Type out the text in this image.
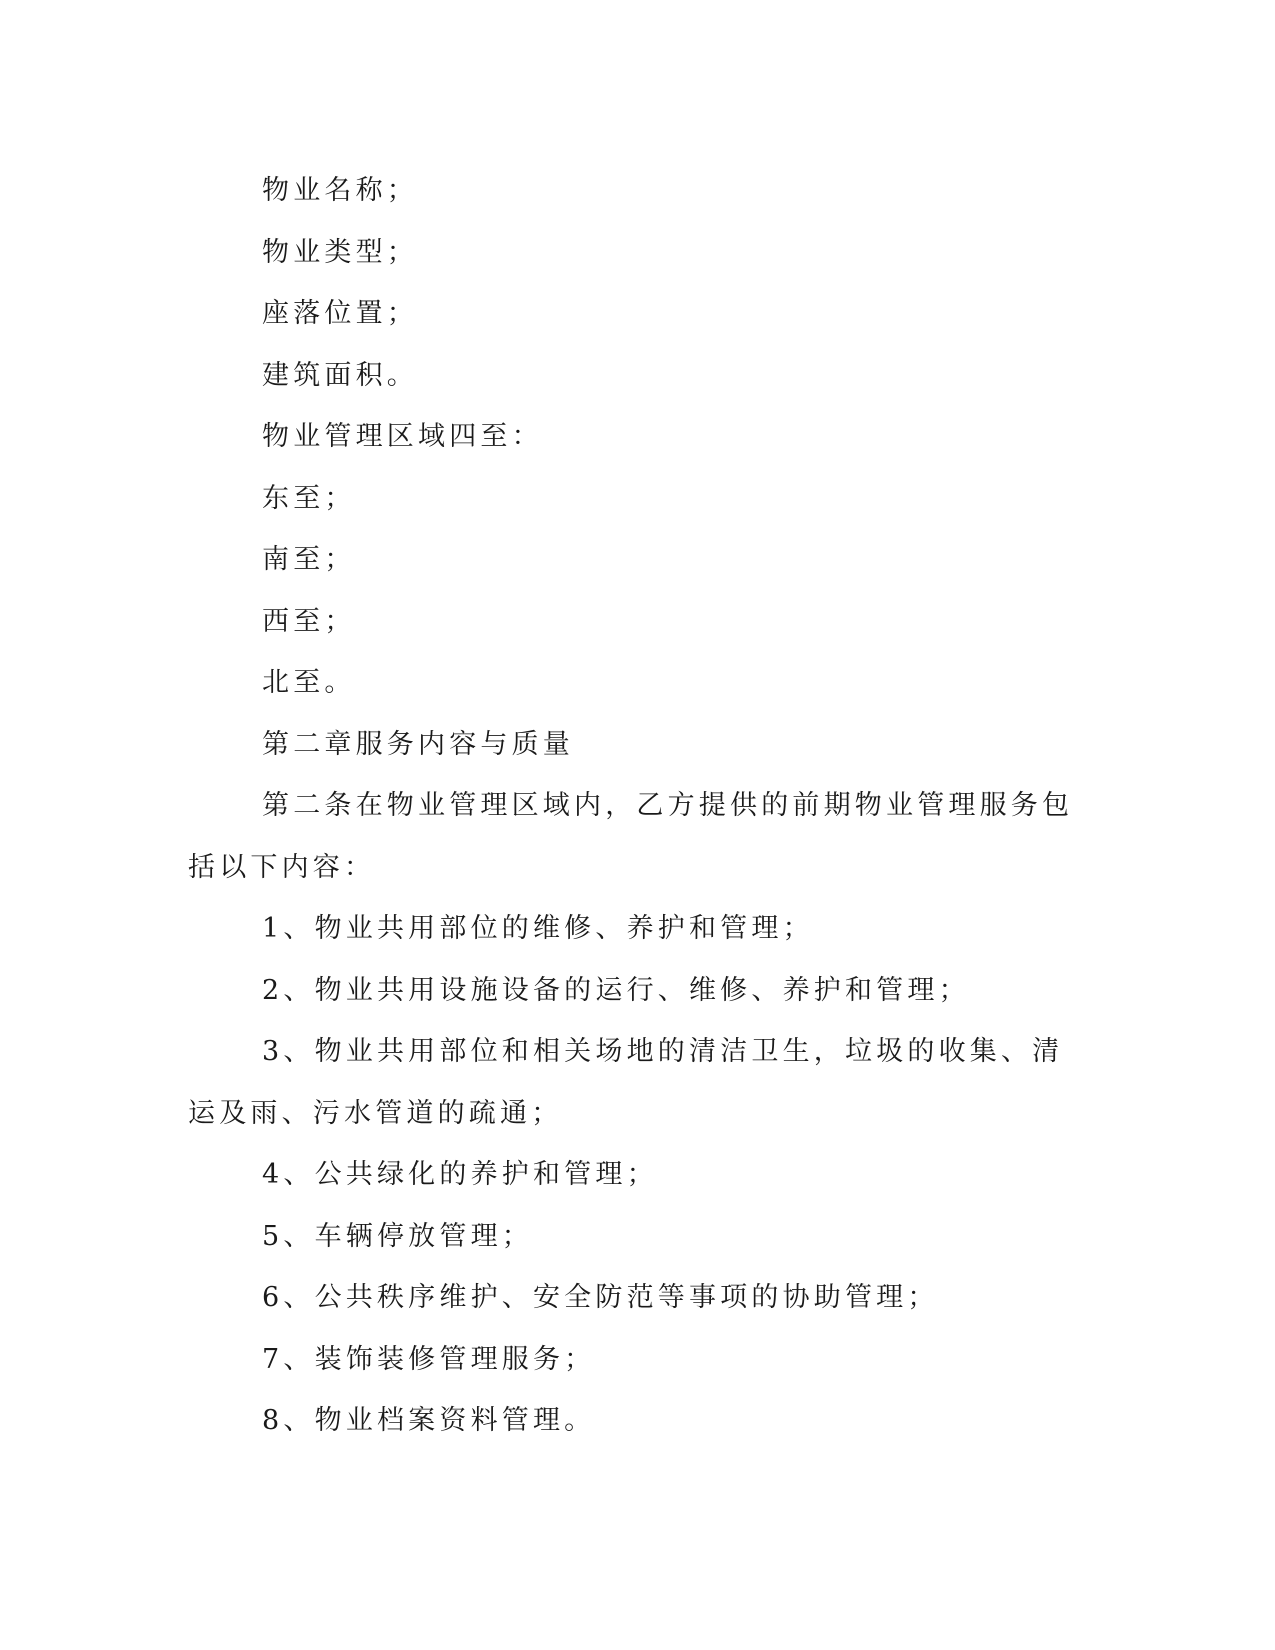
物业名称；

物业类型；

座落位置；

建筑面积。

物业管理区域四至：

东至；

南至；

西至；

北至。

第二章服务内容与质量

第二条在物业管理区域内，乙方提供的前期物业管理服务包括以下内容：

1、物业共用部位的维修、养护和管理；

2、物业共用设施设备的运行、维修、养护和管理；

3、物业共用部位和相关场地的清洁卫生，垃圾的收集、清运及雨、污水管道的疏通；

4、公共绿化的养护和管理；

5、车辆停放管理；

6、公共秩序维护、安全防范等事项的协助管理；

7、装饰装修管理服务；

8、物业档案资料管理。
